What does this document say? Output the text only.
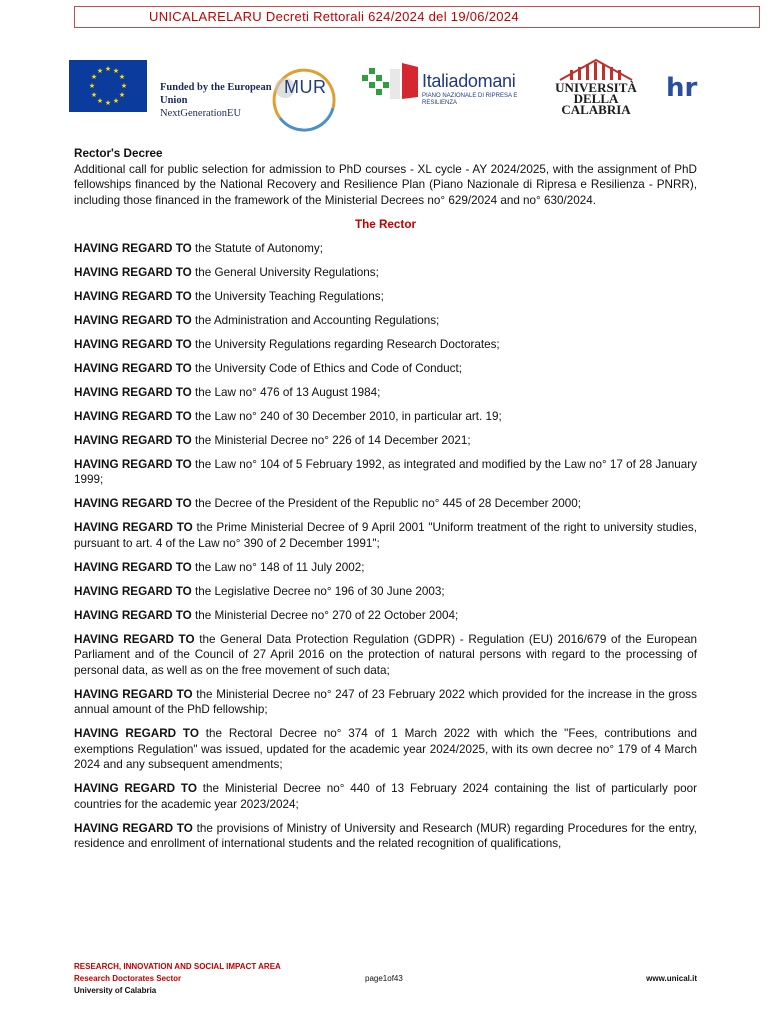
UNICALARELARU Decreti Rettorali 624/2024 del 19/06/2024
★ ★
★
★
★
★
★
★
★
★
★
★
Funded by the European
Union
NextGenerationEU
MUR	Italiadomani
PIANO NAZIONALE DI RIPRESA E RESILIENZA
UNIVERSITÀ DELLA
CALABRIA
hr

Rector's Decree

Additional call for public selection for admission to PhD courses - XL cycle - AY 2024/2025, with the assignment of PhD fellowships financed by the National Recovery and Resilience Plan (Piano Nazionale di Ripresa e Resilienza - PNRR), including those financed in the framework of the Ministerial Decrees no° 629/2024 and no° 630/2024.

The Rector

HAVING REGARD TO the Statute of Autonomy;

HAVING REGARD TO the General University Regulations;

HAVING REGARD TO the University Teaching Regulations;

HAVING REGARD TO the Administration and Accounting Regulations;

HAVING REGARD TO the University Regulations regarding Research Doctorates;

HAVING REGARD TO the University Code of Ethics and Code of Conduct;

HAVING REGARD TO the Law no° 476 of 13 August 1984;

HAVING REGARD TO the Law no° 240 of 30 December 2010, in particular art. 19;

HAVING REGARD TO the Ministerial Decree no° 226 of 14 December 2021;

HAVING REGARD TO the Law no° 104 of 5 February 1992, as integrated and modified by the Law no° 17 of 28 January 1999;

HAVING REGARD TO the Decree of the President of the Republic no° 445 of 28 December 2000;

HAVING REGARD TO the Prime Ministerial Decree of 9 April 2001 "Uniform treatment of the right to university studies, pursuant to art. 4 of the Law no° 390 of 2 December 1991";

HAVING REGARD TO the Law no° 148 of 11 July 2002;

HAVING REGARD TO the Legislative Decree no° 196 of 30 June 2003;

HAVING REGARD TO the Ministerial Decree no° 270 of 22 October 2004;

HAVING REGARD TO the General Data Protection Regulation (GDPR) - Regulation (EU) 2016/679 of the European Parliament and of the Council of 27 April 2016 on the protection of natural persons with regard to the processing of personal data, as well as on the free movement of such data;

HAVING REGARD TO the Ministerial Decree no° 247 of 23 February 2022 which provided for the increase in the gross annual amount of the PhD fellowship;

HAVING REGARD TO the Rectoral Decree no° 374 of 1 March 2022 with which the "Fees, contributions and exemptions Regulation" was issued, updated for the academic year 2024/2025, with its own decree no° 179 of 4 March 2024 and any subsequent amendments;

HAVING REGARD TO the Ministerial Decree no° 440 of 13 February 2024 containing the list of particularly poor countries for the academic year 2023/2024;

HAVING REGARD TO the provisions of Ministry of University and Research (MUR) regarding Procedures for the entry, residence and enrollment of international students and the related recognition of qualifications,

RESEARCH, INNOVATION AND SOCIAL IMPACT AREA
Research Doctorates Sector
University of Calabria
page1of43	www.unical.it
